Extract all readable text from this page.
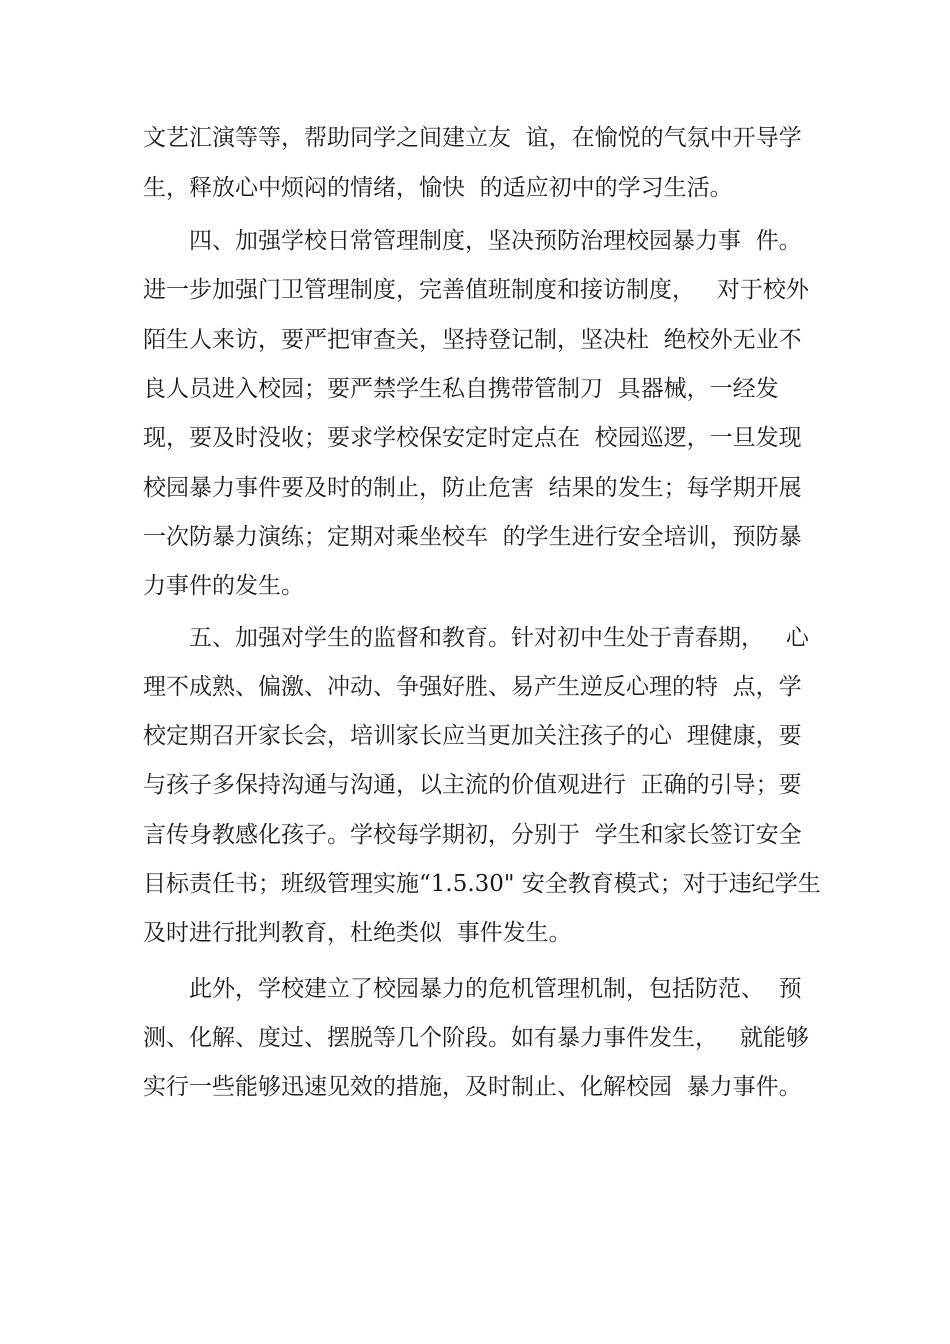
文艺汇演等等，帮助同学之间建立友  谊，在愉悦的气氛中开导学
生，释放心中烦闷的情绪，愉快  的适应初中的学习生活。
四、加强学校日常管理制度，坚决预防治理校园暴力事  件。
进一步加强门卫管理制度，完善值班制度和接访制度，   对于校外
陌生人来访，要严把审查关，坚持登记制，坚决杜  绝校外无业不
良人员进入校园；要严禁学生私自携带管制刀  具器械，一经发
现，要及时没收；要求学校保安定时定点在  校园巡逻，一旦发现
校园暴力事件要及时的制止，防止危害  结果的发生；每学期开展
一次防暴力演练；定期对乘坐校车  的学生进行安全培训，预防暴
力事件的发生。
五、加强对学生的监督和教育。针对初中生处于青春期，   心
理不成熟、偏激、冲动、争强好胜、易产生逆反心理的特  点，学
校定期召开家长会，培训家长应当更加关注孩子的心  理健康，要
与孩子多保持沟通与沟通，以主流的价值观进行  正确的引导；要
言传身教感化孩子。学校每学期初，分别于  学生和家长签订安全
目标责任书；班级管理实施“1.5.30" 安全教育模式；对于违纪学生
及时进行批判教育，杜绝类似  事件发生。
此外，学校建立了校园暴力的危机管理机制，包括防范、  预
测、化解、度过、摆脱等几个阶段。如有暴力事件发生，   就能够
实行一些能够迅速见效的措施，及时制止、化解校园  暴力事件。
